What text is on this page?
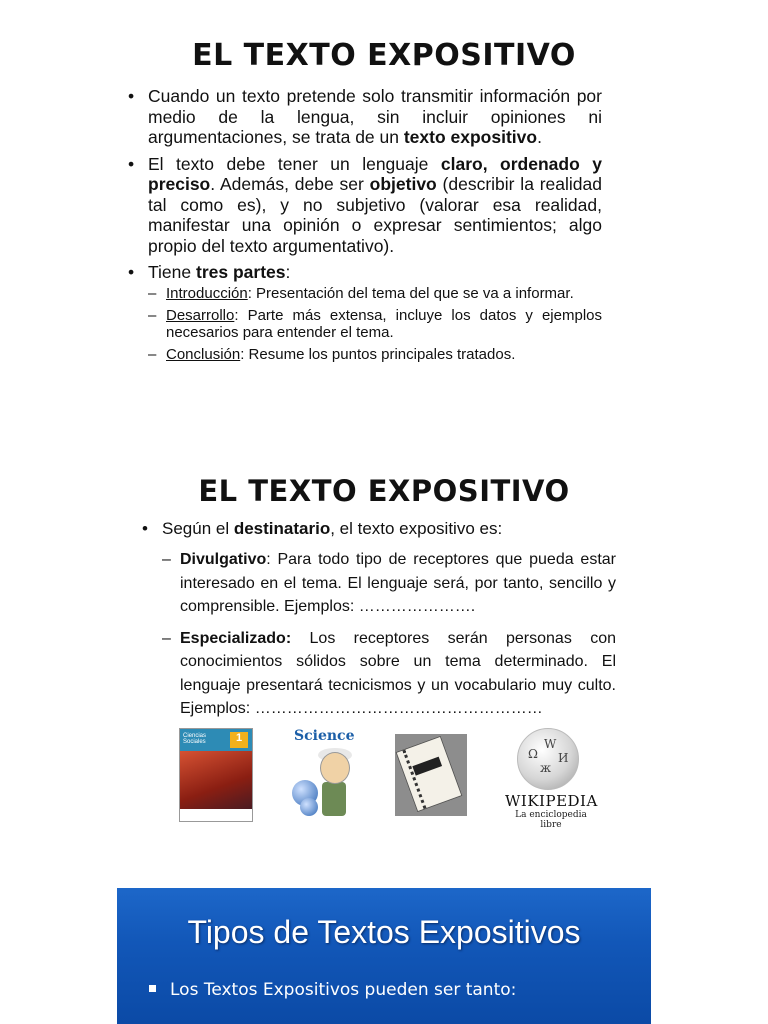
EL TEXTO EXPOSITIVO
• Cuando un texto pretende solo transmitir información por medio de la lengua, sin incluir opiniones ni argumentaciones, se trata de un texto expositivo.
• El texto debe tener un lenguaje claro, ordenado y preciso. Además, debe ser objetivo (describir la realidad tal como es), y no subjetivo (valorar esa realidad, manifestar una opinión o expresar sentimientos; algo propio del texto argumentativo).
• Tiene tres partes:
– Introducción: Presentación del tema del que se va a informar.
– Desarrollo: Parte más extensa, incluye los datos y ejemplos necesarios para entender el tema.
– Conclusión: Resume los puntos principales tratados.
EL TEXTO EXPOSITIVO
• Según el destinatario, el texto expositivo es:
– Divulgativo: Para todo tipo de receptores que pueda estar interesado en el tema. El lenguaje será, por tanto, sencillo y comprensible. Ejemplos: ………………….
– Especializado: Los receptores serán personas con conocimientos sólidos sobre un tema determinado. El lenguaje presentará tecnicismos y un vocabulario muy culto. Ejemplos: ………………………………………………
Ciencias Sociales	1	Science
Ω
W
И
ж
WIKIPEDIA
La enciclopedia libre
Tipos de Textos Expositivos
Los Textos Expositivos pueden ser tanto:
